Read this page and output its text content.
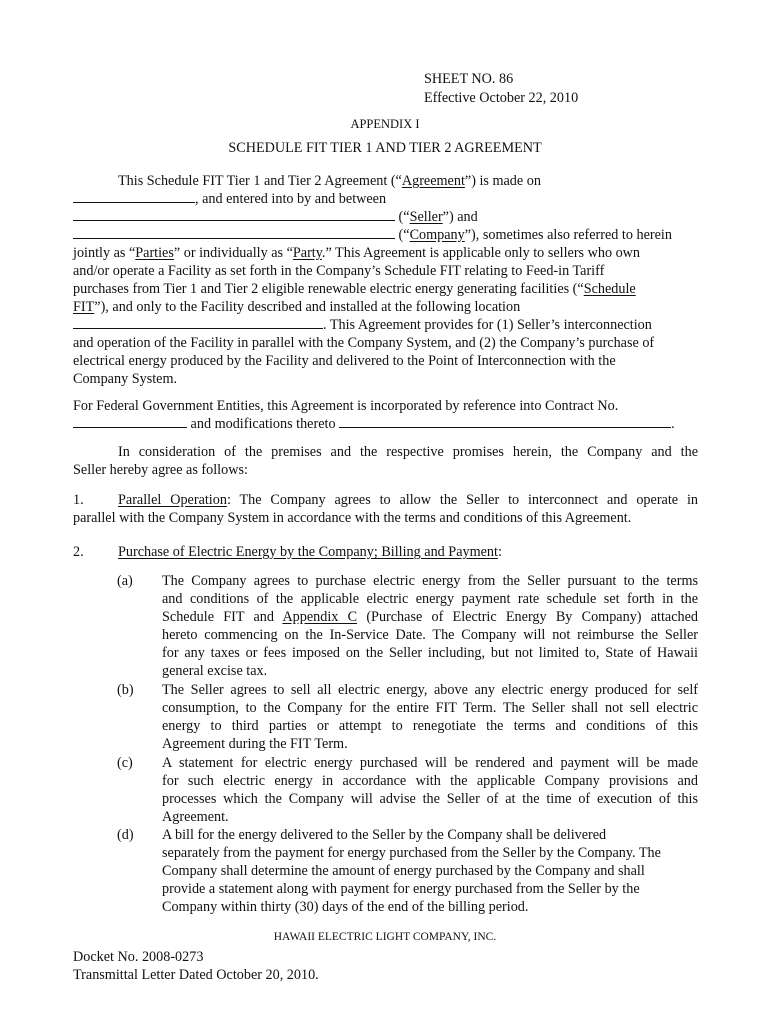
SHEET NO. 86
Effective October 22, 2010
APPENDIX I
SCHEDULE FIT TIER 1 AND TIER 2 AGREEMENT
This Schedule FIT Tier 1 and Tier 2 Agreement (“Agreement”) is made on
, and entered into by and between
(“Seller”) and
(“Company”), sometimes also referred to herein
jointly as “Parties” or individually as “Party.” This Agreement is applicable only to sellers who own
and/or operate a Facility as set forth in the Company’s Schedule FIT relating to Feed-in Tariff
purchases from Tier 1 and Tier 2 eligible renewable electric energy generating facilities (“Schedule
FIT”), and only to the Facility described and installed at the following location
. This Agreement provides for (1) Seller’s interconnection
and operation of the Facility in parallel with the Company System, and (2) the Company’s purchase of
electrical energy produced by the Facility and delivered to the Point of Interconnection with the
Company System.
For Federal Government Entities, this Agreement is incorporated by reference into Contract No.
and modifications thereto	.
In consideration of the premises and the respective promises herein, the Company and the
Seller hereby agree as follows:
1. Parallel Operation: The Company agrees to allow the Seller to interconnect and operate in
parallel with the Company System in accordance with the terms and conditions of this Agreement.
2. Purchase of Electric Energy by the Company; Billing and Payment:
(a) The Company agrees to purchase electric energy from the Seller pursuant to the terms
and conditions of the applicable electric energy payment rate schedule set forth in the
Schedule FIT and Appendix C (Purchase of Electric Energy By Company) attached
hereto commencing on the In-Service Date. The Company will not reimburse the Seller
for any taxes or fees imposed on the Seller including, but not limited to, State of Hawaii
general excise tax.
(b) The Seller agrees to sell all electric energy, above any electric energy produced for self
consumption, to the Company for the entire FIT Term. The Seller shall not sell electric
energy to third parties or attempt to renegotiate the terms and conditions of this
Agreement during the FIT Term.
(c) A statement for electric energy purchased will be rendered and payment will be made
for such electric energy in accordance with the applicable Company provisions and
processes which the Company will advise the Seller of at the time of execution of this
Agreement.
(d) A bill for the energy delivered to the Seller by the Company shall be delivered
separately from the payment for energy purchased from the Seller by the Company. The
Company shall determine the amount of energy purchased by the Company and shall
provide a statement along with payment for energy purchased from the Seller by the
Company within thirty (30) days of the end of the billing period.
HAWAII ELECTRIC LIGHT COMPANY, INC.
Docket No. 2008-0273
Transmittal Letter Dated October 20, 2010.
